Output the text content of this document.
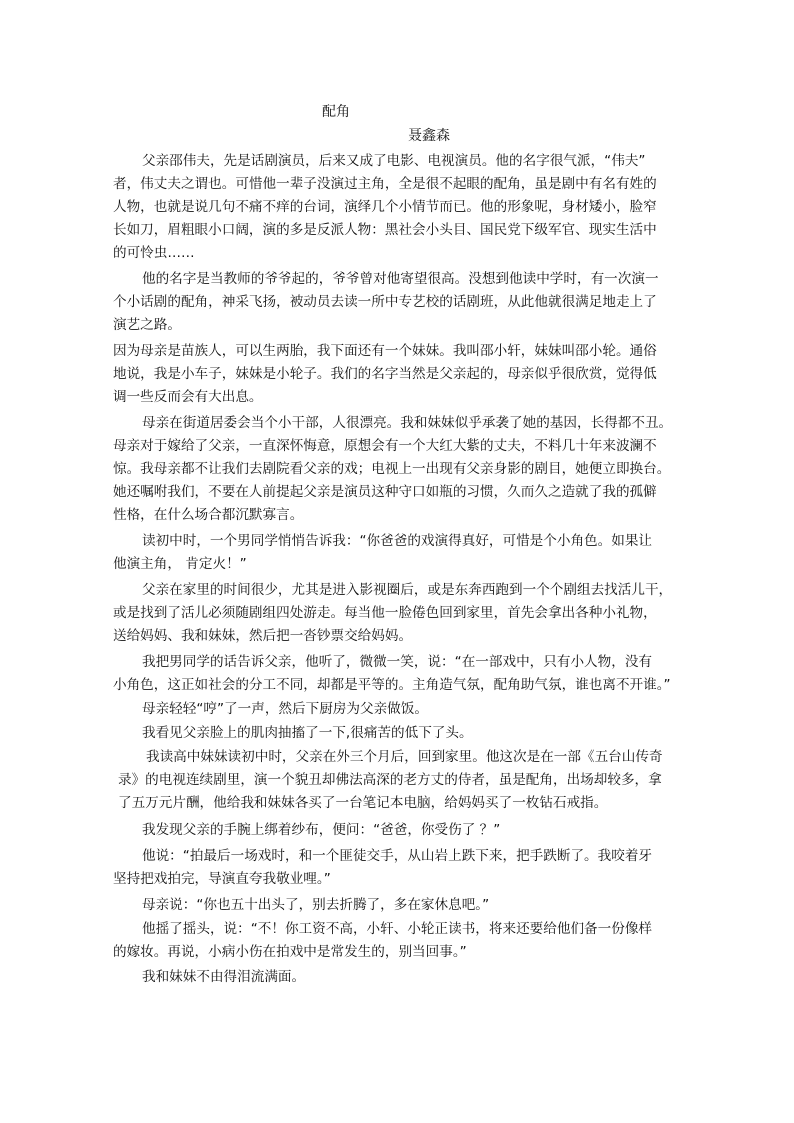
配角
聂鑫森

父亲邵伟夫，先是话剧演员，后来又成了电影、电视演员。他的名字很气派，“伟夫”

者，伟丈夫之谓也。可惜他一辈子没演过主角，全是很不起眼的配角，虽是剧中有名有姓的

人物，也就是说几句不痛不痒的台词，演绎几个小情节而已。他的形象呢，身材矮小，脸窄

长如刀，眉粗眼小口阔，演的多是反派人物：黑社会小头目、国民党下级军官、现实生活中

的可怜虫……

他的名字是当教师的爷爷起的，爷爷曾对他寄望很高。没想到他读中学时，有一次演一

个小话剧的配角，神采飞扬，被动员去读一所中专艺校的话剧班，从此他就很满足地走上了

演艺之路。

因为母亲是苗族人，可以生两胎，我下面还有一个妹妹。我叫邵小轩，妹妹叫邵小轮。通俗

地说，我是小车子，妹妹是小轮子。我们的名字当然是父亲起的，母亲似乎很欣赏，觉得低

调一些反而会有大出息。

母亲在街道居委会当个小干部，人很漂亮。我和妹妹似乎承袭了她的基因，长得都不丑。

母亲对于嫁给了父亲，一直深怀悔意，原想会有一个大红大紫的丈夫，不料几十年来波澜不

惊。我母亲都不让我们去剧院看父亲的戏；电视上一出现有父亲身影的剧目，她便立即换台。

她还嘱咐我们，不要在人前提起父亲是演员这种守口如瓶的习惯，久而久之造就了我的孤僻

性格，在什么场合都沉默寡言。

读初中时，一个男同学悄悄告诉我：“你爸爸的戏演得真好，可惜是个小角色。如果让

他演主角， 肯定火！”

父亲在家里的时间很少，尤其是进入影视圈后，或是东奔西跑到一个个剧组去找活儿干，

或是找到了活儿必须随剧组四处游走。每当他一脸倦色回到家里，首先会拿出各种小礼物，

送给妈妈、我和妹妹，然后把一沓钞票交给妈妈。

我把男同学的话告诉父亲，他听了，微微一笑，说：“在一部戏中，只有小人物，没有

小角色，这正如社会的分工不同，却都是平等的。主角造气氛，配角助气氛，谁也离不开谁。”

母亲轻轻“哼”了一声，然后下厨房为父亲做饭。

我看见父亲脸上的肌肉抽搐了一下,很痛苦的低下了头。

我读高中妹妹读初中时，父亲在外三个月后，回到家里。他这次是在一部《五台山传奇

录》的电视连续剧里，演一个貌丑却佛法高深的老方丈的侍者，虽是配角，出场却较多，拿

了五万元片酬，他给我和妹妹各买了一台笔记本电脑，给妈妈买了一枚钻石戒指。

我发现父亲的手腕上绑着纱布，便问：“爸爸，你受伤了 ？”

他说：“拍最后一场戏时，和一个匪徒交手，从山岩上跌下来，把手跌断了。我咬着牙

坚持把戏拍完，导演直夸我敬业哩。”

母亲说：“你也五十出头了，别去折腾了，多在家休息吧。”

他摇了摇头，说：“不！你工资不高，小轩、小轮正读书，将来还要给他们备一份像样

的嫁妆。再说，小病小伤在拍戏中是常发生的，别当回事。”

我和妹妹不由得泪流满面。
